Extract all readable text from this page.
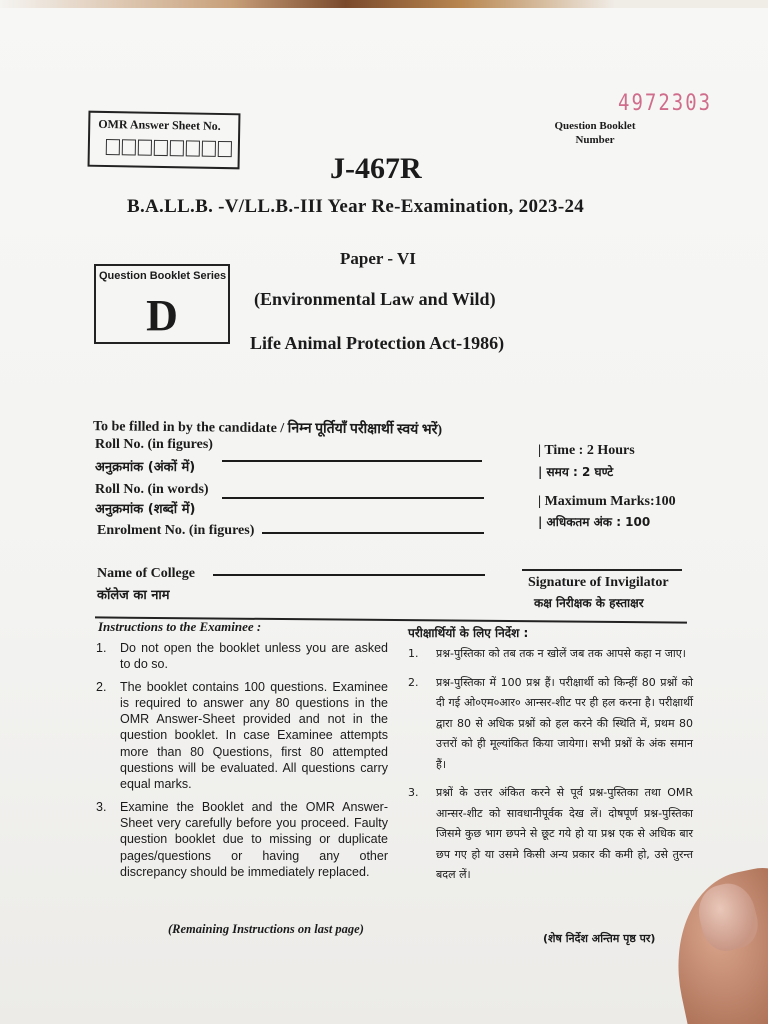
4972303
Question Booklet Number
OMR Answer Sheet No.
J-467R
B.A.LL.B. -V/LL.B.-III Year Re-Examination, 2023-24
Paper - VI
Question Booklet Series
D	(Environmental Law and Wild)
Life Animal Protection Act-1986)
To be filled in by the candidate / निम्न पूर्तियाँ परीक्षार्थी स्वयं भरें)
Roll No. (in figures)
अनुक्रमांक (अंकों में)
Roll No. (in words)
अनुक्रमांक (शब्दों में)
Enrolment No. (in figures)
Name of College
कॉलेज का नाम
| Time : 2 Hours
| समय : 2 घण्टे
| Maximum Marks:100
| अधिकतम अंक : 100
Signature of Invigilator
कक्ष निरीक्षक के हस्ताक्षर
Instructions to the Examinee :	परीक्षार्थियों के लिए निर्देश :
1.	Do not open the booklet unless you are asked to do so.
2.	The booklet contains 100 questions. Examinee is required to answer any 80 questions in the OMR Answer-Sheet provided and not in the question booklet. In case Examinee attempts more than 80 Questions, first 80 attempted questions will be evaluated. All questions carry equal marks.
3.	Examine the Booklet and the OMR Answer-Sheet very carefully before you proceed. Faulty question booklet due to missing or duplicate pages/questions or having any other discrepancy should be immediately replaced.
1.	प्रश्न-पुस्तिका को तब तक न खोलें जब तक आपसे कहा न जाए।
2.	प्रश्न-पुस्तिका में 100 प्रश्न हैं। परीक्षार्थी को किन्हीं 80 प्रश्नों को दी गई ओ०एम०आर० आन्सर-शीट पर ही हल करना है। परीक्षार्थी द्वारा 80 से अधिक प्रश्नों को हल करने की स्थिति में, प्रथम 80 उत्तरों को ही मूल्यांकित किया जायेगा। सभी प्रश्नों के अंक समान हैं।
3.	प्रश्नों के उत्तर अंकित करने से पूर्व प्रश्न-पुस्तिका तथा OMR आन्सर-शीट को सावधानीपूर्वक देख लें। दोषपूर्ण प्रश्न-पुस्तिका जिसमे कुछ भाग छपने से छूट गये हो या प्रश्न एक से अधिक बार छप गए हो या उसमे किसी अन्य प्रकार की कमी हो, उसे तुरन्त बदल लें।
(Remaining Instructions on last page)
(शेष निर्देश अन्तिम पृष्ठ पर)
